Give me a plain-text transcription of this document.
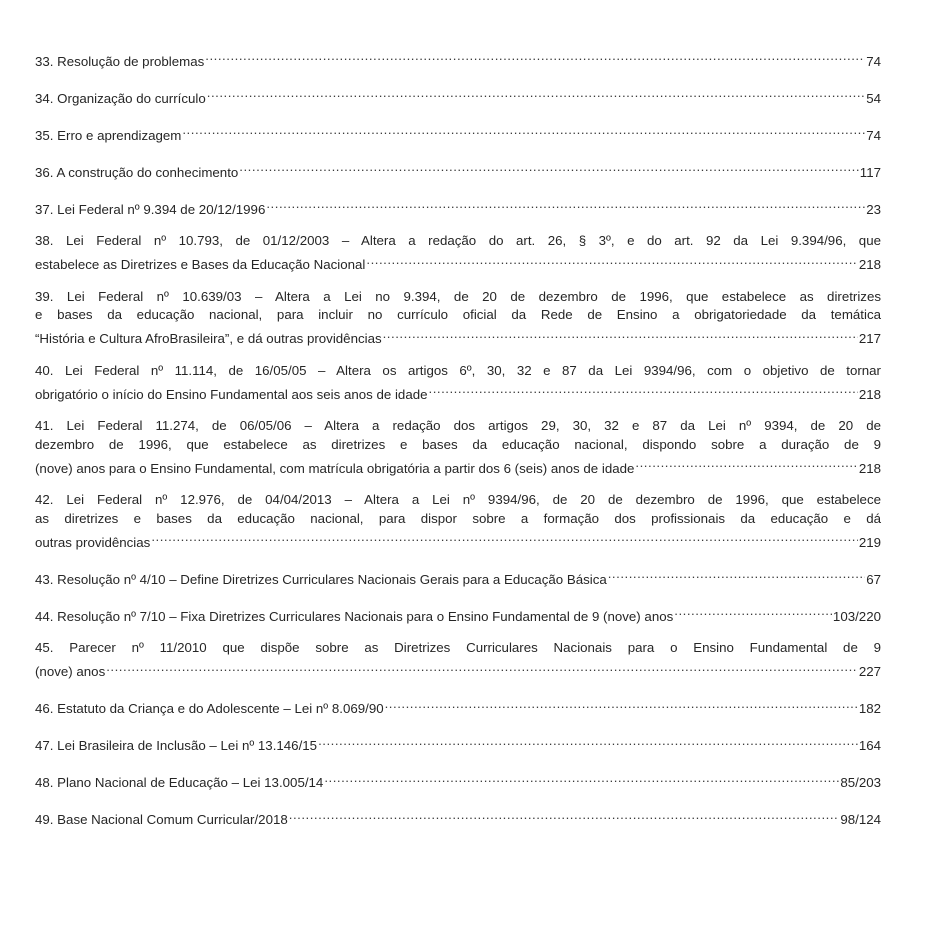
33. Resolução de problemas .....	74
34. Organização do currículo .....	54
35. Erro e aprendizagem .....	74
36. A construção do conhecimento .....	117
37. Lei Federal nº 9.394 de 20/12/1996 .....	23
38. Lei Federal nº 10.793, de 01/12/2003 – Altera a redação do art. 26, § 3º, e do art. 92 da Lei 9.394/96, que
estabelece as Diretrizes e Bases da Educação Nacional .....	218
39. Lei Federal nº 10.639/03 – Altera a Lei no 9.394, de 20 de dezembro de 1996, que estabelece as diretrizes
e bases da educação nacional, para incluir no currículo oficial da Rede de Ensino a obrigatoriedade da temática
“História e Cultura AfroBrasileira”, e dá outras providências .....	217
40. Lei Federal nº 11.114, de 16/05/05 – Altera os artigos 6º, 30, 32 e 87 da Lei 9394/96, com o objetivo de tornar
obrigatório o início do Ensino Fundamental aos seis anos de idade .....	218
41. Lei Federal 11.274, de 06/05/06 – Altera a redação dos artigos 29, 30, 32 e 87 da Lei nº 9394, de 20 de
dezembro de 1996, que estabelece as diretrizes e bases da educação nacional, dispondo sobre a duração de 9
(nove) anos para o Ensino Fundamental, com matrícula obrigatória a partir dos 6 (seis) anos de idade .....	218
42. Lei Federal nº 12.976, de 04/04/2013 – Altera a Lei nº 9394/96, de 20 de dezembro de 1996, que estabelece
as diretrizes e bases da educação nacional, para dispor sobre a formação dos profissionais da educação e dá
outras providências .....	219
43. Resolução nº 4/10 – Define Diretrizes Curriculares Nacionais Gerais para a Educação Básica .....	67
44. Resolução nº 7/10 – Fixa Diretrizes Curriculares Nacionais para o Ensino Fundamental de 9 (nove) anos .....	103/220
45. Parecer nº 11/2010 que dispõe sobre as Diretrizes Curriculares Nacionais para o Ensino Fundamental de 9
(nove) anos .....	227
46. Estatuto da Criança e do Adolescente – Lei nº 8.069/90 .....	182
47. Lei Brasileira de Inclusão – Lei nº 13.146/15 .....	164
48. Plano Nacional de Educação – Lei 13.005/14 .....	85/203
49. Base Nacional Comum Curricular/2018 .....	98/124
